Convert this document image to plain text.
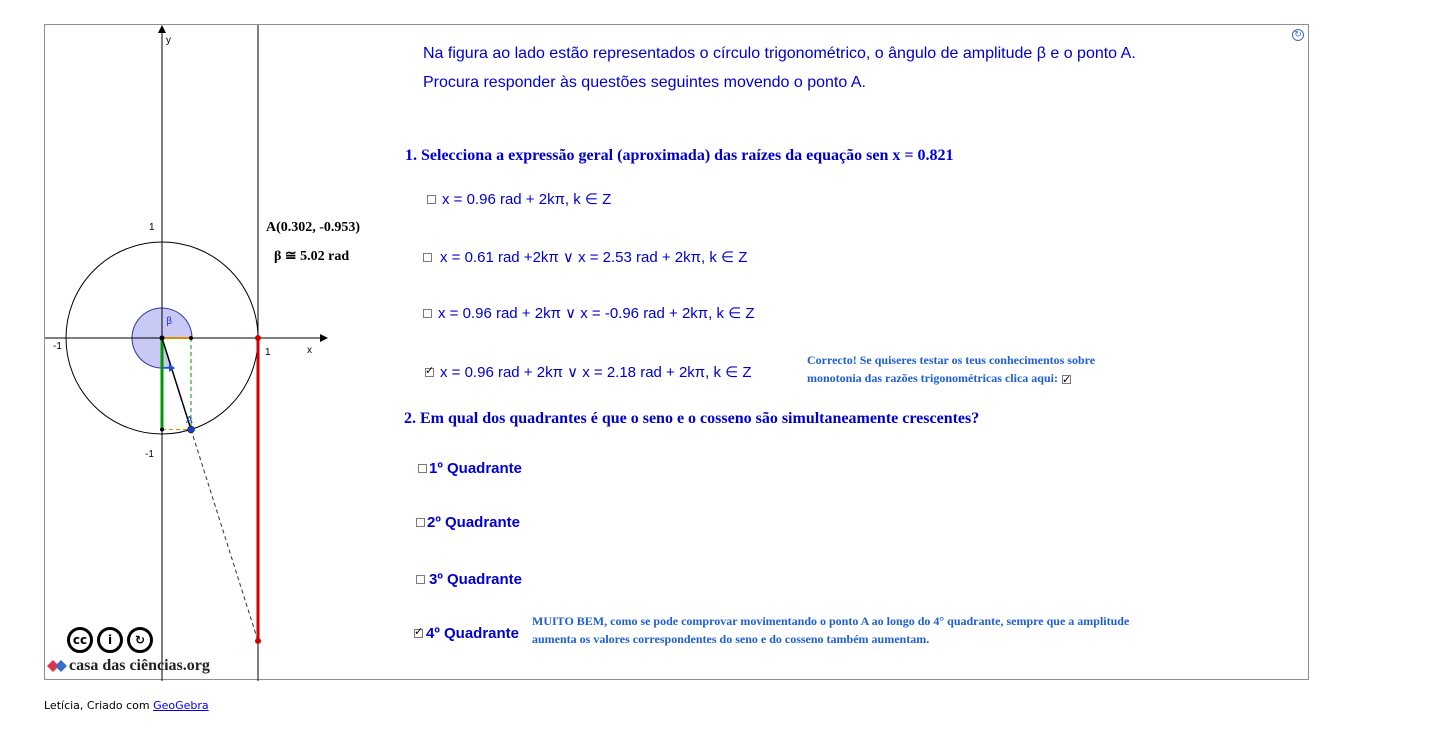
y
x
1
-1
1
-1
β
A
A(0.302, -0.953)
β ≅ 5.02 rad
cc	i	↻
casa das ciências .org
↻
Na figura ao lado estão representados o círculo trigonométrico, o ângulo de amplitude β e o ponto A.
Procura responder às questões seguintes movendo o ponto A.
1. Selecciona a expressão geral (aproximada) das raízes da equação sen x = 0.821
x = 0.96 rad + 2kπ, k ∈ Z
x = 0.61 rad +2kπ ∨ x = 2.53 rad + 2kπ, k ∈ Z
x = 0.96 rad + 2kπ ∨ x = -0.96 rad + 2kπ, k ∈ Z
✓
x = 0.96 rad + 2kπ ∨ x = 2.18 rad + 2kπ, k ∈ Z
Correcto! Se quiseres testar os teus conhecimentos sobre
monotonia das razões trigonométricas clica aqui:✓
2. Em qual dos quadrantes é que o seno e o cosseno são simultaneamente crescentes?
1º Quadrante
2º Quadrante
3º Quadrante
✓
4º Quadrante
MUITO BEM, como se pode comprovar movimentando o ponto A ao longo do 4° quadrante, sempre que a amplitude
aumenta os valores correspondentes do seno e do cosseno também aumentam.
Letícia, Criado com GeoGebra
